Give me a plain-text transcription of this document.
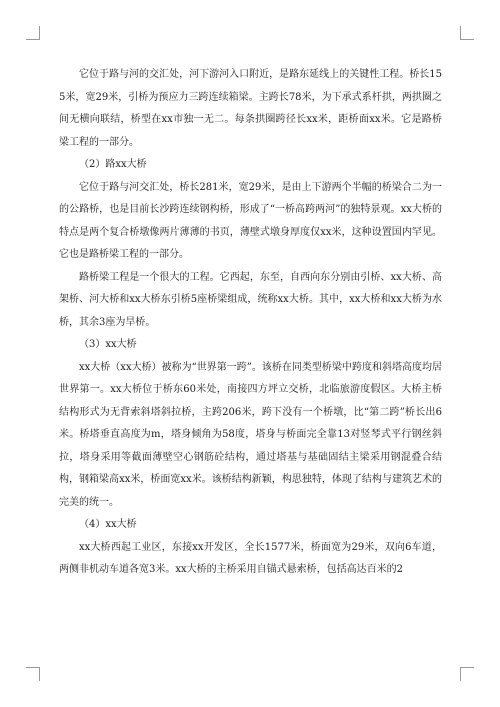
它位于路与河的交汇处，河下游河入口附近，是路东延线上的关键性工程。桥长155米，宽29米，引桥为预应力三跨连续箱梁。主跨长78米，为下承式系杆拱，两拱圈之间无横向联结，桥型在xx市独一无二。每条拱圈跨径长xx米，距桥面xx米。它是路桥梁工程的一部分。

（2）路xx大桥

它位于路与河交汇处，桥长281米，宽29米，是由上下游两个半幅的桥梁合二为一的公路桥，也是目前长沙跨连续钢构桥，形成了“一桥高跨两河”的独特景观。xx大桥的特点是两个复合桥墩像两片薄薄的书页，薄壁式墩身厚度仅xx米，这种设置国内罕见。它也是路桥梁工程的一部分。

路桥梁工程是一个很大的工程。它西起，东至，自西向东分别由引桥、xx大桥、高架桥、河大桥和xx大桥东引桥5座桥梁组成，统称xx大桥。其中，xx大桥和xx大桥为水桥，其余3座为旱桥。

（3）xx大桥

xx大桥（xx大桥）被称为“世界第一跨”。该桥在同类型桥梁中跨度和斜塔高度均居世界第一。xx大桥位于桥东60米处，南接四方坪立交桥，北临旅游度假区。大桥主桥结构形式为无背索斜塔斜拉桥，主跨206米，跨下没有一个桥墩，比“第二跨”桥长出6米。桥塔垂直高度为m，塔身倾角为58度，塔身与桥面完全靠13对竖琴式平行钢丝斜拉，塔身采用等截面薄壁空心钢筋砼结构，通过塔基与基础固结主梁采用钢混叠合结构，钢箱梁高xx米，桥面宽xx米。该桥结构新颖，构思独特，体现了结构与建筑艺术的完美的统一。

（4）xx大桥

xx大桥西起工业区，东接xx开发区，全长1577米，桥面宽为29米，双向6车道，两侧非机动车道各宽3米。xx大桥的主桥采用自锚式悬索桥，包括高达百米的2
